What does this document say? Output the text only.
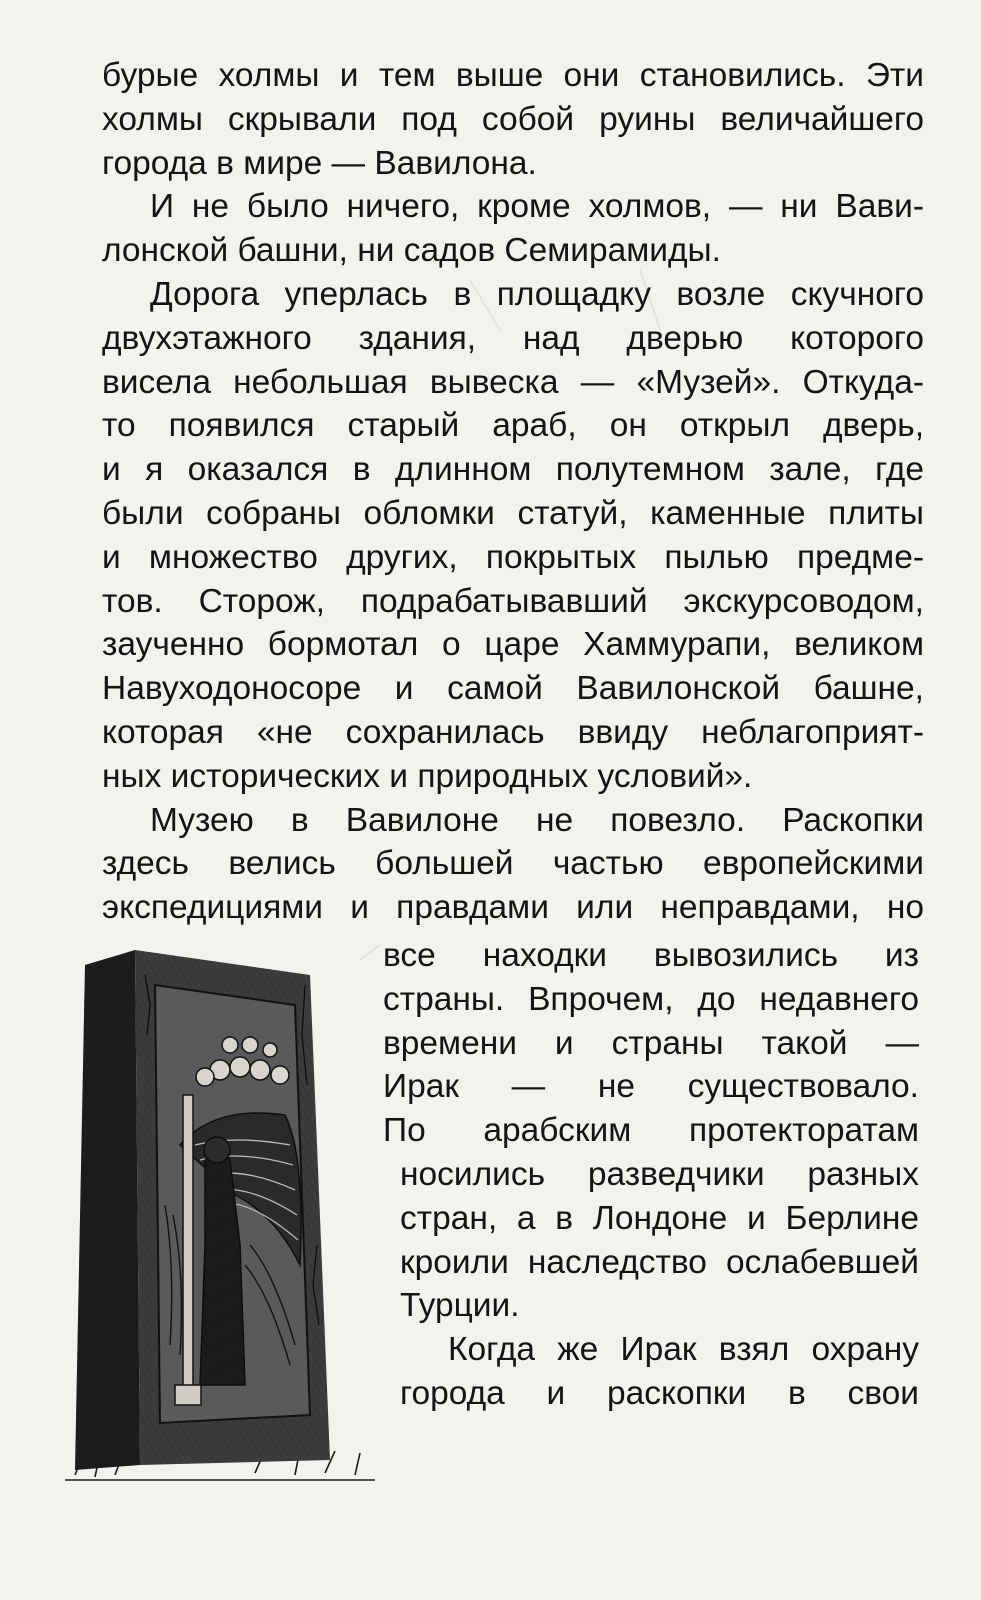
бурые холмы и тем выше они становились. Эти
холмы скрывали под собой руины величайшего
города в мире — Вавилона.
И не было ничего, кроме холмов, — ни Вави-
лонской башни, ни садов Семирамиды.
Дорога уперлась в площадку возле скучного
двухэтажного здания, над дверью которого
висела небольшая вывеска — «Музей». Откуда-
то появился старый араб, он открыл дверь,
и я оказался в длинном полутемном зале, где
были собраны обломки статуй, каменные плиты
и множество других, покрытых пылью предме-
тов. Сторож, подрабатывавший экскурсоводом,
заученно бормотал о царе Хаммурапи, великом
Навуходоносоре и самой Вавилонской башне,
которая «не сохранилась ввиду неблагоприят-
ных исторических и природных условий».
Музею в Вавилоне не повезло. Раскопки
здесь велись большей частью европейскими
экспедициями и правдами или неправдами, но
все находки вывозились из
страны. Впрочем, до недавнего
времени и страны такой —
Ирак — не существовало.
По арабским протекторатам
носились разведчики разных
стран, а в Лондоне и Берлине
кроили наследство ослабевшей
Турции.
Когда же Ирак взял охрану
города и раскопки в свои
